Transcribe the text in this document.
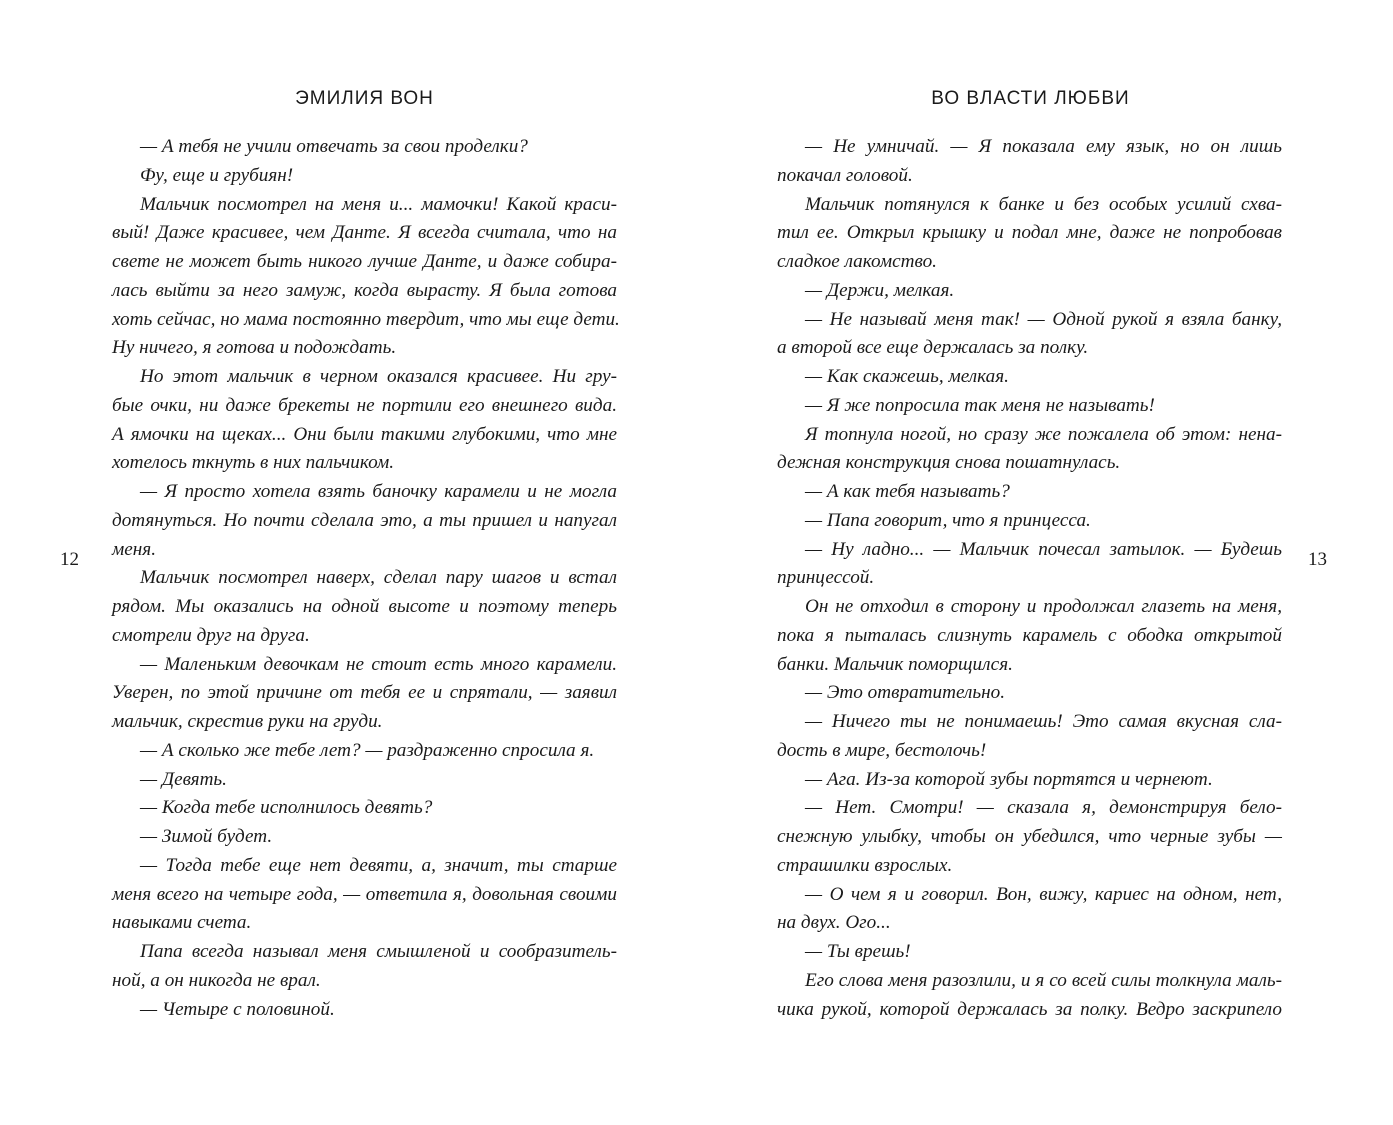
ЭМИЛИЯ ВОН
12
— А тебя не учили отвечать за свои проделки?
Фу, еще и грубиян!
Мальчик посмотрел на меня и... мамочки! Какой краси-
вый! Даже красивее, чем Данте. Я всегда считала, что на
свете не может быть никого лучше Данте, и даже собира-
лась выйти за него замуж, когда вырасту. Я была готова
хоть сейчас, но мама постоянно твердит, что мы еще дети.
Ну ничего, я готова и подождать.
Но этот мальчик в черном оказался красивее. Ни гру-
бые очки, ни даже брекеты не портили его внешнего вида.
А ямочки на щеках... Они были такими глубокими, что мне
хотелось ткнуть в них пальчиком.
— Я просто хотела взять баночку карамели и не могла
дотянуться. Но почти сделала это, а ты пришел и напугал
меня.
Мальчик посмотрел наверх, сделал пару шагов и встал
рядом. Мы оказались на одной высоте и поэтому теперь
смотрели друг на друга.
— Маленьким девочкам не стоит есть много карамели.
Уверен, по этой причине от тебя ее и спрятали, — заявил
мальчик, скрестив руки на груди.
— А сколько же тебе лет? — раздраженно спросила я.
— Девять.
— Когда тебе исполнилось девять?
— Зимой будет.
— Тогда тебе еще нет девяти, а, значит, ты старше
меня всего на четыре года, — ответила я, довольная своими
навыками счета.
Папа всегда называл меня смышленой и сообразитель-
ной, а он никогда не врал.
— Четыре с половиной.
ВО ВЛАСТИ ЛЮБВИ
13
— Не умничай. — Я показала ему язык, но он лишь
покачал головой.
Мальчик потянулся к банке и без особых усилий схва-
тил ее. Открыл крышку и подал мне, даже не попробовав
сладкое лакомство.
— Держи, мелкая.
— Не называй меня так! — Одной рукой я взяла банку,
а второй все еще держалась за полку.
— Как скажешь, мелкая.
— Я же попросила так меня не называть!
Я топнула ногой, но сразу же пожалела об этом: нена-
дежная конструкция снова пошатнулась.
— А как тебя называть?
— Папа говорит, что я принцесса.
— Ну ладно... — Мальчик почесал затылок. — Будешь
принцессой.
Он не отходил в сторону и продолжал глазеть на меня,
пока я пыталась слизнуть карамель с ободка открытой
банки. Мальчик поморщился.
— Это отвратительно.
— Ничего ты не понимаешь! Это самая вкусная сла-
дость в мире, бестолочь!
— Ага. Из-за которой зубы портятся и чернеют.
— Нет. Смотри! — сказала я, демонстрируя бело-
снежную улыбку, чтобы он убедился, что черные зубы —
страшилки взрослых.
— О чем я и говорил. Вон, вижу, кариес на одном, нет,
на двух. Ого...
— Ты врешь!
Его слова меня разозлили, и я со всей силы толкнула маль-
чика рукой, которой держалась за полку. Ведро заскрипело
